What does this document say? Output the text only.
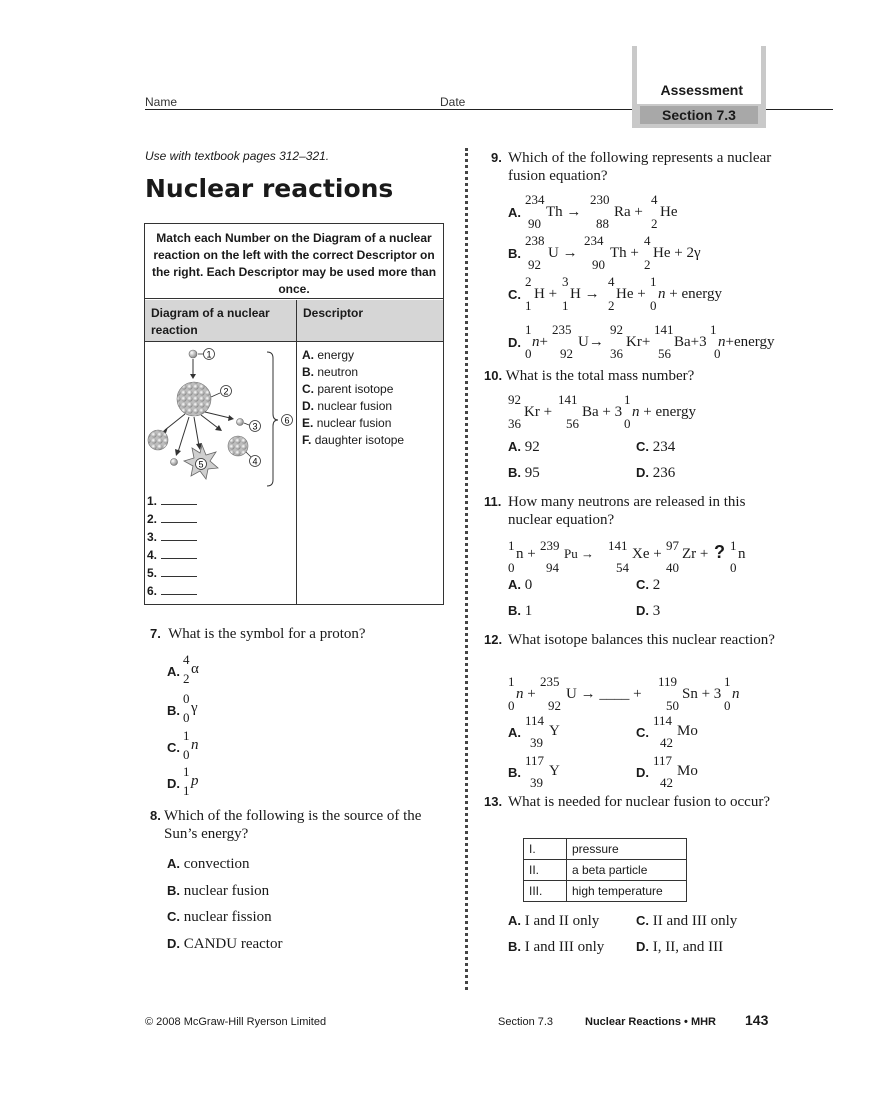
Name	Date
Assessment
Section 7.3
Use with textbook pages 312–321.
Nuclear reactions
Match each Number on the Diagram of a nuclear reaction on the left with the correct Descriptor on the right. Each Descriptor may be used more than once.
Diagram of a nuclear reaction
Descriptor
A. energy
B. neutron
C. parent isotope
D. nuclear fusion
E. nuclear fusion
F. daughter isotope
1
2
3
4
5
6
1.
2.
3.
4.
5.
6.
7. What is the symbol for a proton?
A.
4
2
α
B.
0
0
γ
C.
1
0
n
D.
1
1
p
8. Which of the following is the source of the Sun’s energy?
A. convection
B. nuclear fusion
C. nuclear fission
D. CANDU reactor
9. Which of the following represents a nuclear fusion equation?
A.
234
90
Th →
230
88
Ra +
4
2
He
B.
238
92
U →
234
90
Th +
4
2
He + 2γ
C.
2
1
H +
3
1
H →
4
2
He +
1
0
n + energy
D.
1
0
n+
235
92
U→
92
36
Kr+
141
56
Ba+3
1
0
n+energy
10. What is the total mass number?
92
36
Kr +
141
56
Ba + 3
1
0
n + energy
A. 92	C. 234
B. 95	D. 236
11. How many neutrons are released in this nuclear equation?
1
0
n +
239
94
Pu →
141
54
Xe +
97
40
Zr + ? 1
0
n
A. 0	C. 2
B. 1	D. 3
12. What isotope balances this nuclear reaction?
1
0
n +
235
92
U → ____ +
119
50
Sn + 3
1
0
n
A.
114
39
Y	C.
114
42
Mo
B.
117
39
Y	D.
117
42
Mo
13. What is needed for nuclear fusion to occur?
I.	pressure
II.	a beta particle
III.	high temperature
A. I and II only	C. II and III only
B. I and III only D. I, II, and III
© 2008 McGraw-Hill Ryerson Limited	Section 7.3	Nuclear Reactions • MHR 143
